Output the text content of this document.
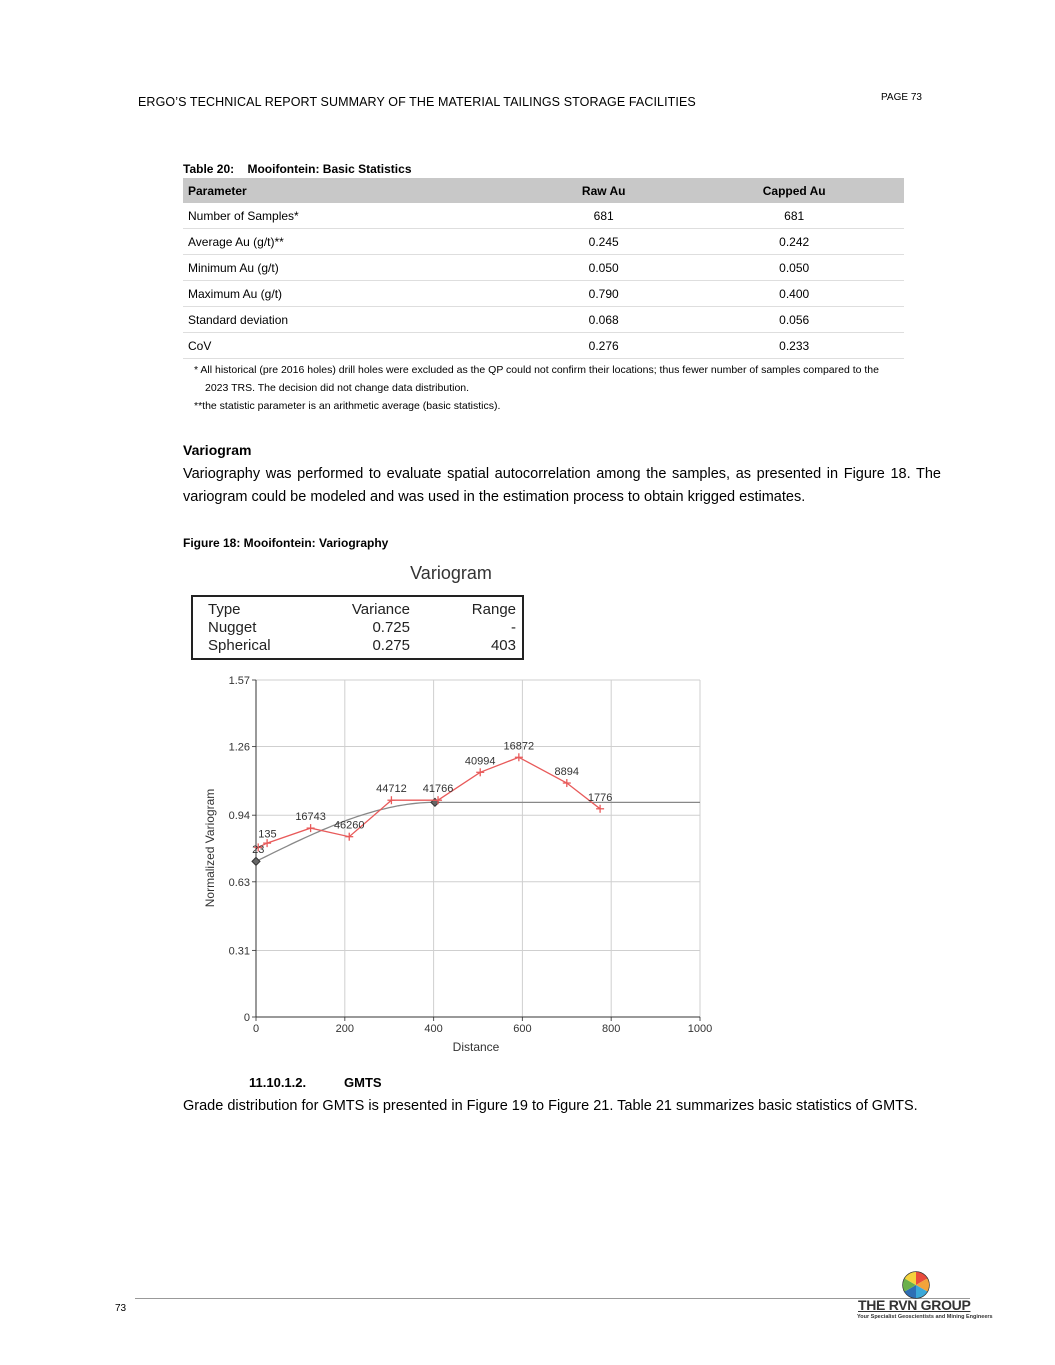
ERGO’S TECHNICAL REPORT SUMMARY OF THE MATERIAL TAILINGS STORAGE FACILITIES	PAGE 73
Table 20:    Mooifontein: Basic Statistics
Parameter	Raw Au	Capped Au
Number of Samples*	681	681
Average Au (g/t)**	0.245	0.242
Minimum Au (g/t)	0.050	0.050
Maximum Au (g/t)	0.790	0.400
Standard deviation	0.068	0.056
CoV	0.276	0.233
* All historical (pre 2016 holes) drill holes were excluded as the QP could not confirm their locations; thus fewer number of samples compared to the
2023 TRS. The decision did not change data distribution.
**the statistic parameter is an arithmetic average (basic statistics).
Variogram
Variography was performed to evaluate spatial autocorrelation among the samples, as presented in Figure 18. The variogram could be modeled and was used in the estimation process to obtain krigged estimates.
Figure 18: Mooifontein: Variography
Variogram
Type	Variance	Range
Nugget	0.725	-
Spherical	0.275	403
0	200	400	600	800	1000
0
0.31
0.63
0.94
1.26
1.57
135
23
16743
46260
44712 41766
40994
16872
8894
1776
Distance
Normalized Variogram
11.10.1.2.	GMTS
Grade distribution for GMTS is presented in Figure 19 to Figure 21. Table 21 summarizes basic statistics of GMTS.
73	THE RVN GROUP
Your Specialist Geoscientists and Mining Engineers
